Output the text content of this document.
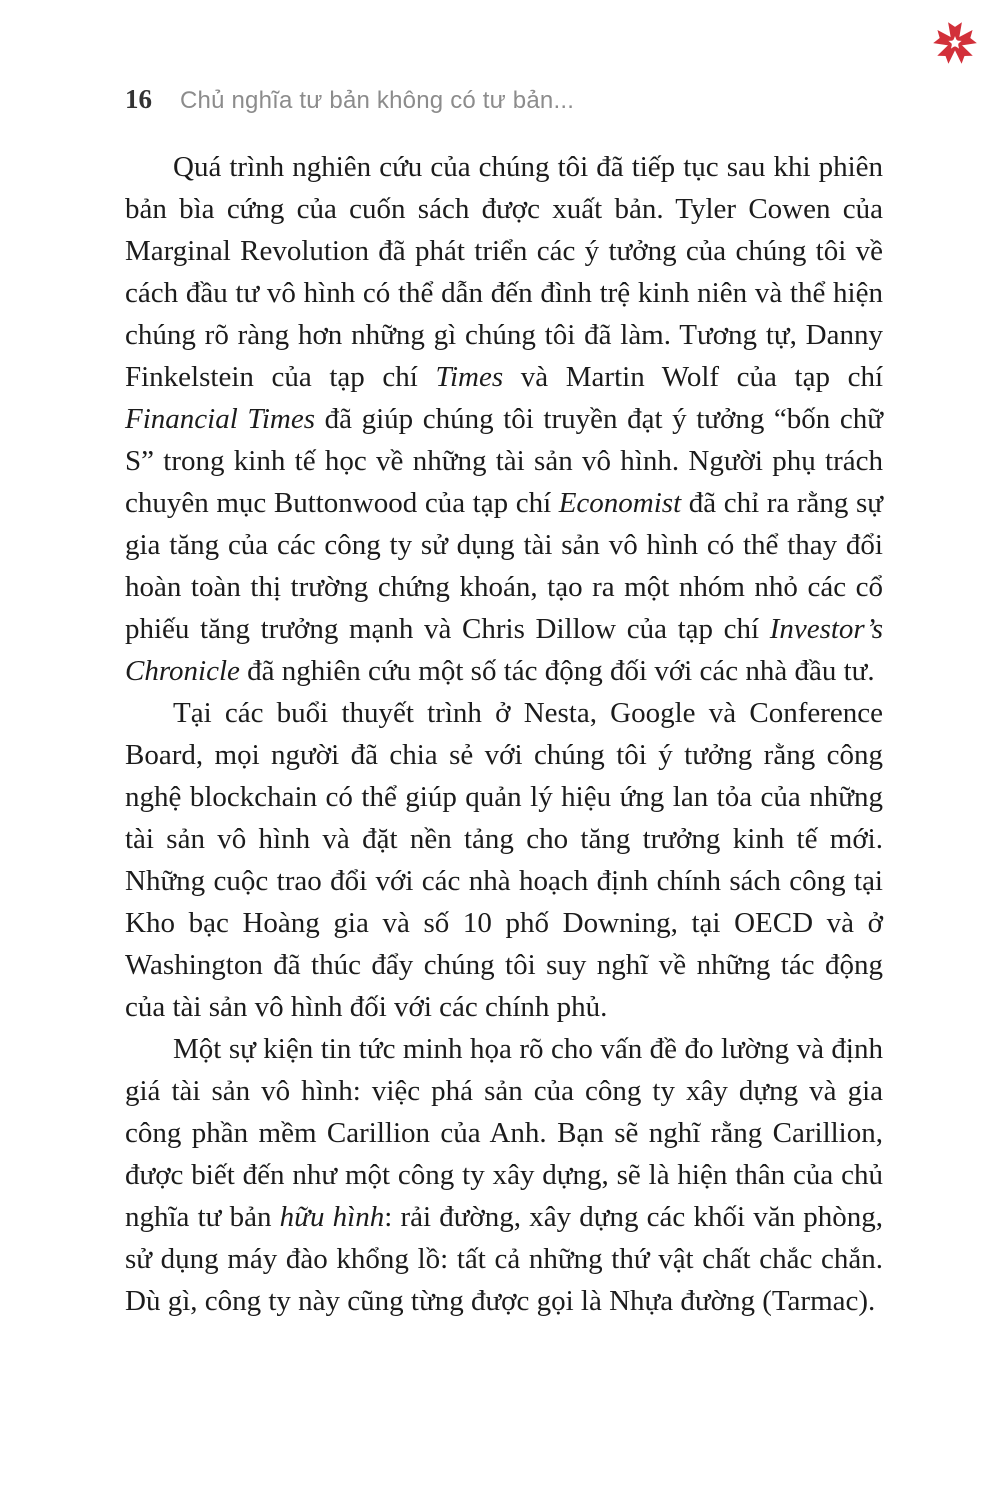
16 Chủ nghĩa tư bản không có tư bản...

Quá trình nghiên cứu của chúng tôi đã tiếp tục sau khi phiên bản bìa cứng của cuốn sách được xuất bản. Tyler Cowen của Marginal Revolution đã phát triển các ý tưởng của chúng tôi về cách đầu tư vô hình có thể dẫn đến đình trệ kinh niên và thể hiện chúng rõ ràng hơn những gì chúng tôi đã làm. Tương tự, Danny Finkelstein của tạp chí Times và Martin Wolf của tạp chí Financial Times đã giúp chúng tôi truyền đạt ý tưởng “bốn chữ S” trong kinh tế học về những tài sản vô hình. Người phụ trách chuyên mục Buttonwood của tạp chí Economist đã chỉ ra rằng sự gia tăng của các công ty sử dụng tài sản vô hình có thể thay đổi hoàn toàn thị trường chứng khoán, tạo ra một nhóm nhỏ các cổ phiếu tăng trưởng mạnh và Chris Dillow của tạp chí Investor’s Chronicle đã nghiên cứu một số tác động đối với các nhà đầu tư.

Tại các buổi thuyết trình ở Nesta, Google và Conference Board, mọi người đã chia sẻ với chúng tôi ý tưởng rằng công nghệ blockchain có thể giúp quản lý hiệu ứng lan tỏa của những tài sản vô hình và đặt nền tảng cho tăng trưởng kinh tế mới. Những cuộc trao đổi với các nhà hoạch định chính sách công tại Kho bạc Hoàng gia và số 10 phố Downing, tại OECD và ở Washington đã thúc đẩy chúng tôi suy nghĩ về những tác động của tài sản vô hình đối với các chính phủ.

Một sự kiện tin tức minh họa rõ cho vấn đề đo lường và định giá tài sản vô hình: việc phá sản của công ty xây dựng và gia công phần mềm Carillion của Anh. Bạn sẽ nghĩ rằng Carillion, được biết đến như một công ty xây dựng, sẽ là hiện thân của chủ nghĩa tư bản hữu hình: rải đường, xây dựng các khối văn phòng, sử dụng máy đào khổng lồ: tất cả những thứ vật chất chắc chắn. Dù gì, công ty này cũng từng được gọi là Nhựa đường (Tarmac).
